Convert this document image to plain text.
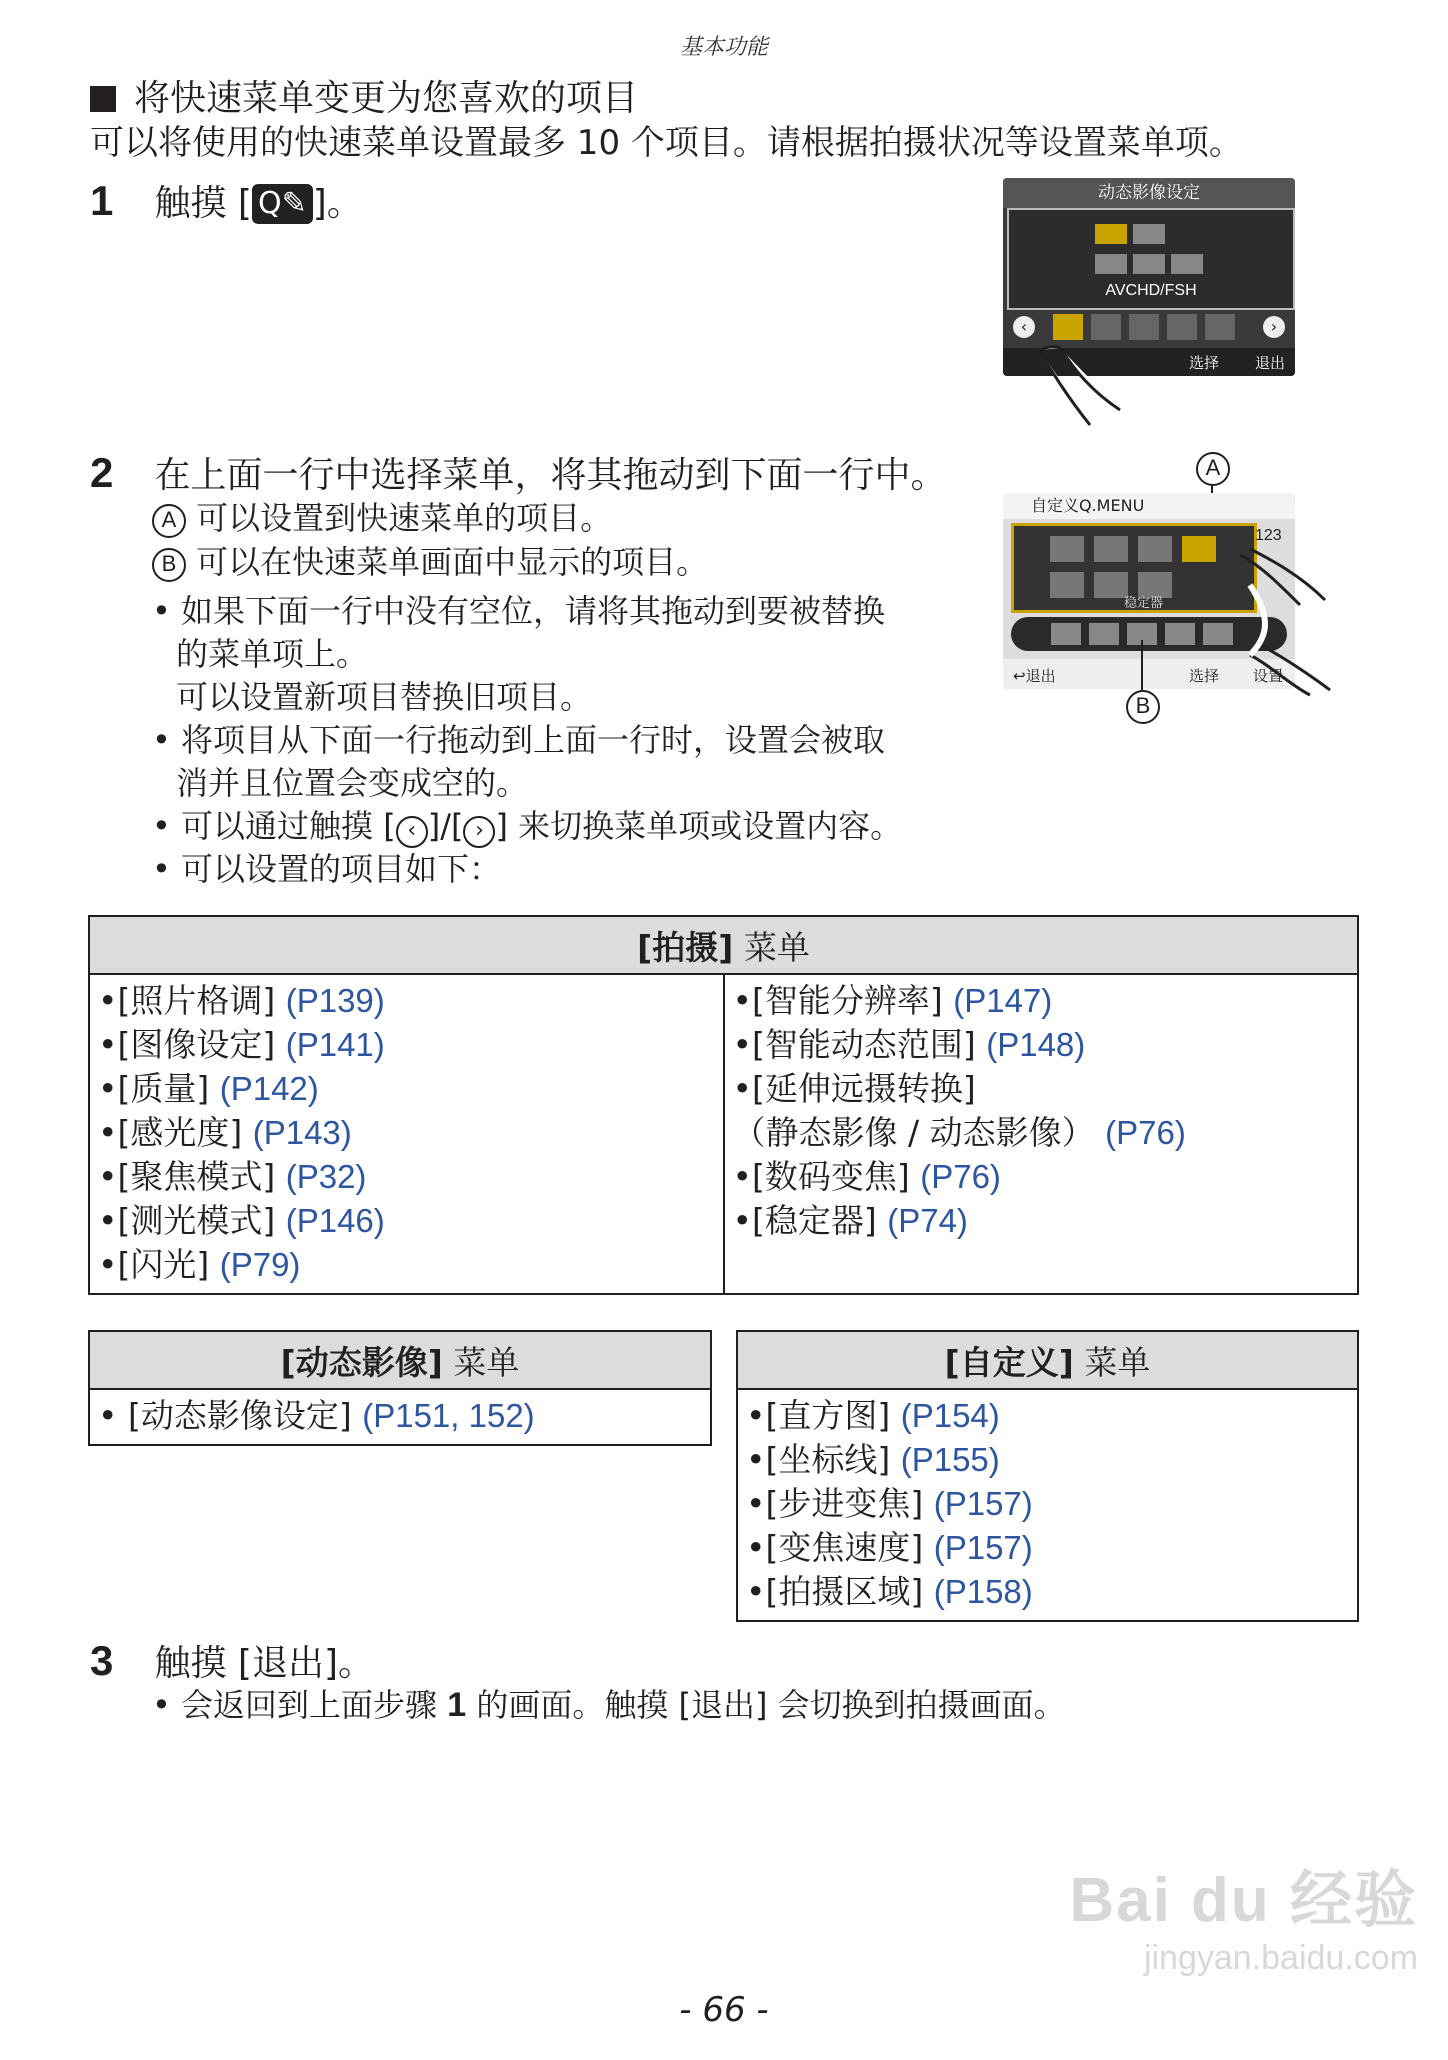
基本功能
将快速菜单变更为您喜欢的项目
可以将使用的快速菜单设置最多 10 个项目。请根据拍摄状况等设置菜单项。
1 触摸 [ Q✎ ]。	动态影像设定
AVCHD/FSH
‹	›
选择 退出
2 在上面一行中选择菜单，将其拖动到下面一行中。
A 可以设置到快速菜单的项目。
B 可以在快速菜单画面中显示的项目。
• 如果下面一行中没有空位，请将其拖动到要被替换
的菜单项上。
可以设置新项目替换旧项目。
• 将项目从下面一行拖动到上面一行时，设置会被取
消并且位置会变成空的。
• 可以通过触摸 [ ‹ ]/[ › ] 来切换菜单项或设置内容。
• 可以设置的项目如下：
A
自定义Q.MENU
稳定器
123
↩退出	选择 设置
B
[拍摄] 菜单

•[照片格调] (P139)
•[图像设定] (P141)
•[质量] (P142)
•[感光度] (P143)
•[聚焦模式] (P32)
•[测光模式] (P146)
•[闪光] (P79)

•[智能分辨率] (P147)
•[智能动态范围] (P148)
•[延伸远摄转换]
（静态影像 / 动态影像） (P76)
•[数码变焦] (P76)
•[稳定器] (P74)
[动态影像] 菜单

• [动态影像设定] (P151, 152)
[自定义] 菜单

•[直方图] (P154)
•[坐标线] (P155)
•[步进变焦] (P157)
•[变焦速度] (P157)
•[拍摄区域] (P158)
3 触摸 [退出]。
• 会返回到上面步骤 1 的画面。触摸 [退出] 会切换到拍摄画面。
Bai du 经验
jingyan.baidu.com
- 66 -
